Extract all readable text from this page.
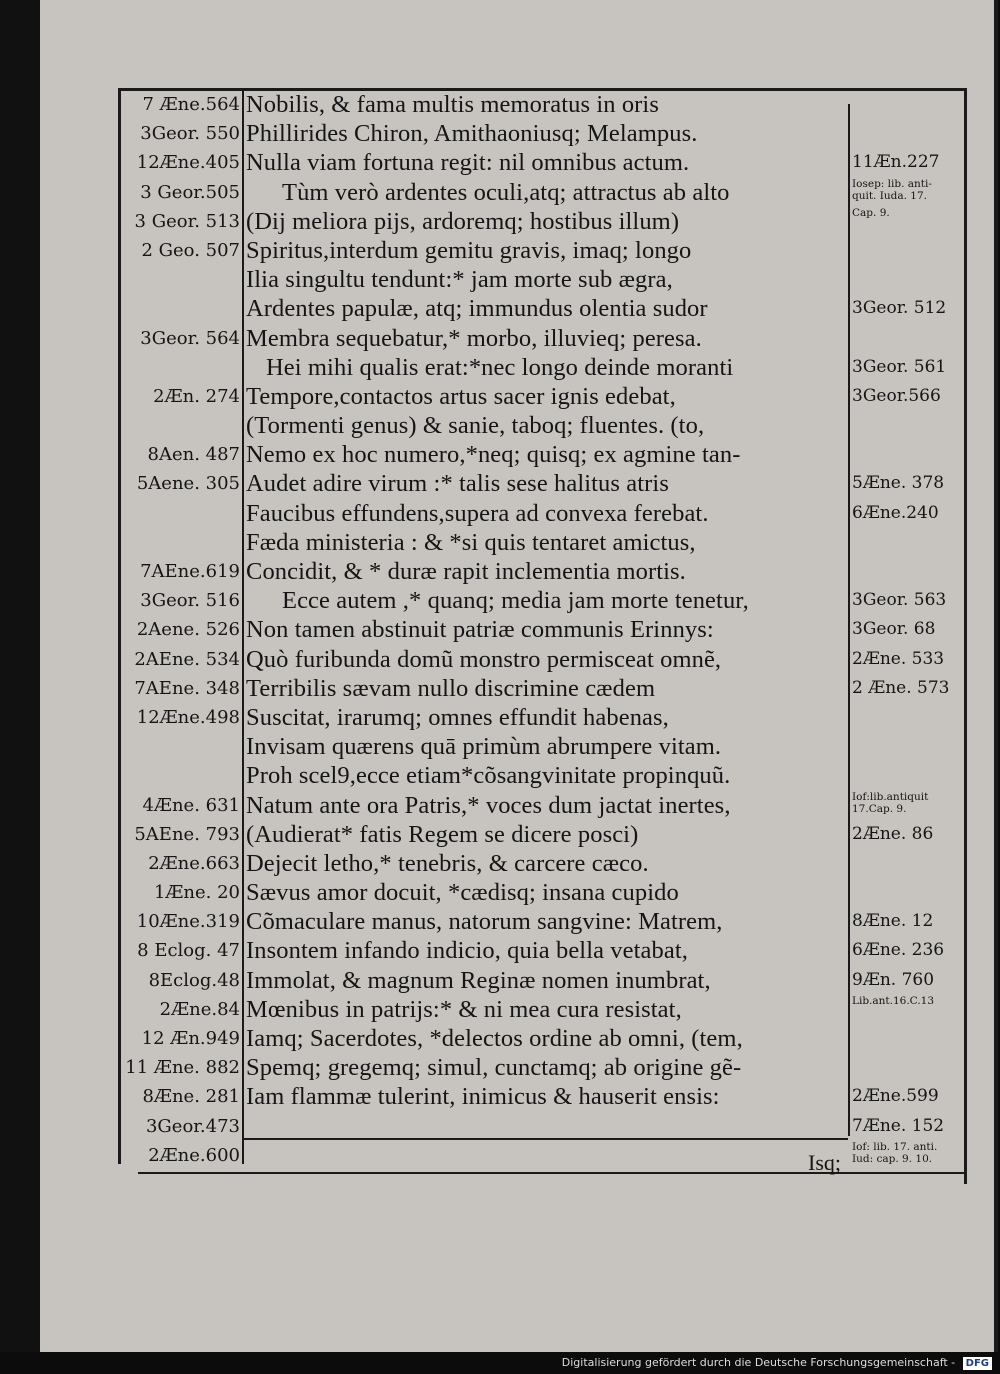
7 Æne.564
3Geor. 550
12Æne.405
3 Geor.505
3 Geor. 513
2 Geo. 507
3Geor. 564
2Æn. 274
8Aen. 487
5Aene. 305
7AEne.619
3Geor. 516
2Aene. 526
2AEne. 534
7AEne. 348
12Æne.498
4Æne. 631
5AEne. 793
2Æne.663
1Æne. 20
10Æne.319
8 Eclog. 47
8Eclog.48
2Æne.84
12 Æn.949
11 Æne. 882
8Æne. 281
3Geor.473
2Æne.600
Nobilis, & fama multis memoratus in oris
Phillirides Chiron, Amithaoniusq; Melampus.
Nulla viam fortuna regit: nil omnibus actum.
Tùm verò ardentes oculi,atq; attractus ab alto
(Dij meliora pijs, ardoremq; hostibus illum)
Spiritus,interdum gemitu gravis, imaq; longo
Ilia singultu tendunt:* jam morte sub ægra,
Ardentes papulæ, atq; immundus olentia sudor
Membra sequebatur,* morbo, illuvieq; peresa.
Hei mihi qualis erat:*nec longo deinde moranti
Tempore,contactos artus sacer ignis edebat,
(Tormenti genus) & sanie, taboq; fluentes. (to,
Nemo ex hoc numero,*neq; quisq; ex agmine tan-
Audet adire virum :* talis sese halitus atris
Faucibus effundens,supera ad convexa ferebat.
Fæda ministeria : & *si quis tentaret amictus,
Concidit, & * duræ rapit inclementia mortis.
Ecce autem ,* quanq; media jam morte tenetur,
Non tamen abstinuit patriæ communis Erinnys:
Quò furibunda domũ monstro permisceat omnẽ,
Terribilis sævam nullo discrimine cædem
Suscitat, irarumq; omnes effundit habenas,
Invisam quærens quā primùm abrumpere vitam.
Proh scel9,ecce etiam*cõsangvinitate propinquũ.
Natum ante ora Patris,* voces dum jactat inertes,
(Audierat* fatis Regem se dicere posci)
Dejecit letho,* tenebris, & carcere cæco.
Sævus amor docuit, *cædisq; insana cupido
Cõmaculare manus, natorum sangvine: Matrem,
Insontem infando indicio, quia bella vetabat,
Immolat, & magnum Reginæ nomen inumbrat,
Mœnibus in patrijs:* & ni mea cura resistat,
Iamq; Sacerdotes, *delectos ordine ab omni, (tem,
Spemq; gregemq; simul, cunctamq; ab origine gẽ-
Iam flammæ tulerint, inimicus & hauserit ensis:
11Æn.227
Iosep: lib. anti-
quit. Iuda. 17.
Cap. 9.
3Geor. 512
3Geor. 561
3Geor.566
5Æne. 378
6Æne.240
3Geor. 563
3Geor. 68
2Æne. 533
2 Æne. 573
Iof:lib.antiquit
17.Cap. 9.
2Æne. 86
8Æne. 12
6Æne. 236
9Æn. 760
Lib.ant.16.C.13
2Æne.599
7Æne. 152
Iof: lib. 17. anti.
Iud: cap. 9. 10.
Isq;
Digitalisierung gefördert durch die Deutsche Forschungsgemeinschaft - DFG
